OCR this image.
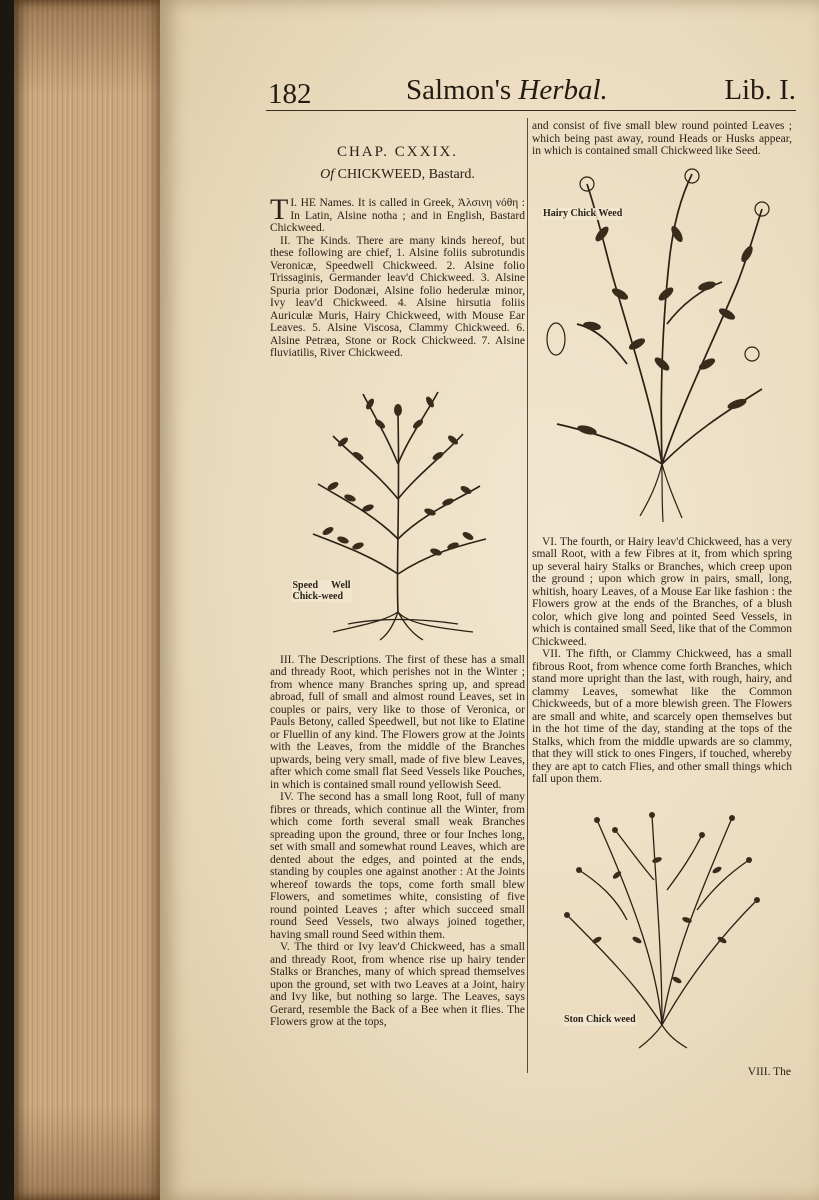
182	Salmon's Herbal.	Lib. I.
CHAP. CXXIX.
Of CHICKWEED, Bastard.

T I. HE Names. It is called in Greek, Ἀλσινη νόθη : In Latin, Alsine notha ; and in English, Bastard Chickweed.

II. The Kinds. There are many kinds hereof, but these following are chief, 1. Alsine foliis subrotundis Veronicæ, Speedwell Chickweed. 2. Alsine folio Trissaginis, Germander leav'd Chickweed. 3. Alsine Spuria prior Dodonæi, Alsine folio hederulæ minor, Ivy leav'd Chickweed. 4. Alsine hirsutia foliis Auriculæ Muris, Hairy Chickweed, with Mouse Ear Leaves. 5. Alsine Viscosa, Clammy Chickweed. 6. Alsine Petræa, Stone or Rock Chickweed. 7. Alsine fluviatilis, River Chickweed.

Speed Well Chick-weed

III. The Descriptions. The first of these has a small and thready Root, which perishes not in the Winter ; from whence many Branches spring up, and spread abroad, full of small and almost round Leaves, set in couples or pairs, very like to those of Veronica, or Pauls Betony, called Speedwell, but not like to Elatine or Fluellin of any kind. The Flowers grow at the Joints with the Leaves, from the middle of the Branches upwards, being very small, made of five blew Leaves, after which come small flat Seed Vessels like Pouches, in which is contained small round yellowish Seed.

IV. The second has a small long Root, full of many fibres or threads, which continue all the Winter, from which come forth several small weak Branches spreading upon the ground, three or four Inches long, set with small and somewhat round Leaves, which are dented about the edges, and pointed at the ends, standing by couples one against another : At the Joints whereof towards the tops, come forth small blew Flowers, and sometimes white, consisting of five round pointed Leaves ; after which succeed small round Seed Vessels, two always joined together, having small round Seed within them.

V. The third or Ivy leav'd Chickweed, has a small and thready Root, from whence rise up hairy tender Stalks or Branches, many of which spread themselves upon the ground, set with two Leaves at a Joint, hairy and Ivy like, but nothing so large. The Leaves, says Gerard, resemble the Back of a Bee when it flies. The Flowers grow at the tops,

and consist of five small blew round pointed Leaves ; which being past away, round Heads or Husks appear, in which is contained small Chickweed like Seed.

Hairy Chick Weed

VI. The fourth, or Hairy leav'd Chickweed, has a very small Root, with a few Fibres at it, from which spring up several hairy Stalks or Branches, which creep upon the ground ; upon which grow in pairs, small, long, whitish, hoary Leaves, of a Mouse Ear like fashion : the Flowers grow at the ends of the Branches, of a blush color, which give long and pointed Seed Vessels, in which is contained small Seed, like that of the Common Chickweed.

VII. The fifth, or Clammy Chickweed, has a small fibrous Root, from whence come forth Branches, which stand more upright than the last, with rough, hairy, and clammy Leaves, somewhat like the Common Chickweeds, but of a more blewish green. The Flowers are small and white, and scarcely open themselves but in the hot time of the day, standing at the tops of the Stalks, which from the middle upwards are so clammy, that they will stick to ones Fingers, if touched, whereby they are apt to catch Flies, and other small things which fall upon them.

Ston Chick weed
VIII. The
